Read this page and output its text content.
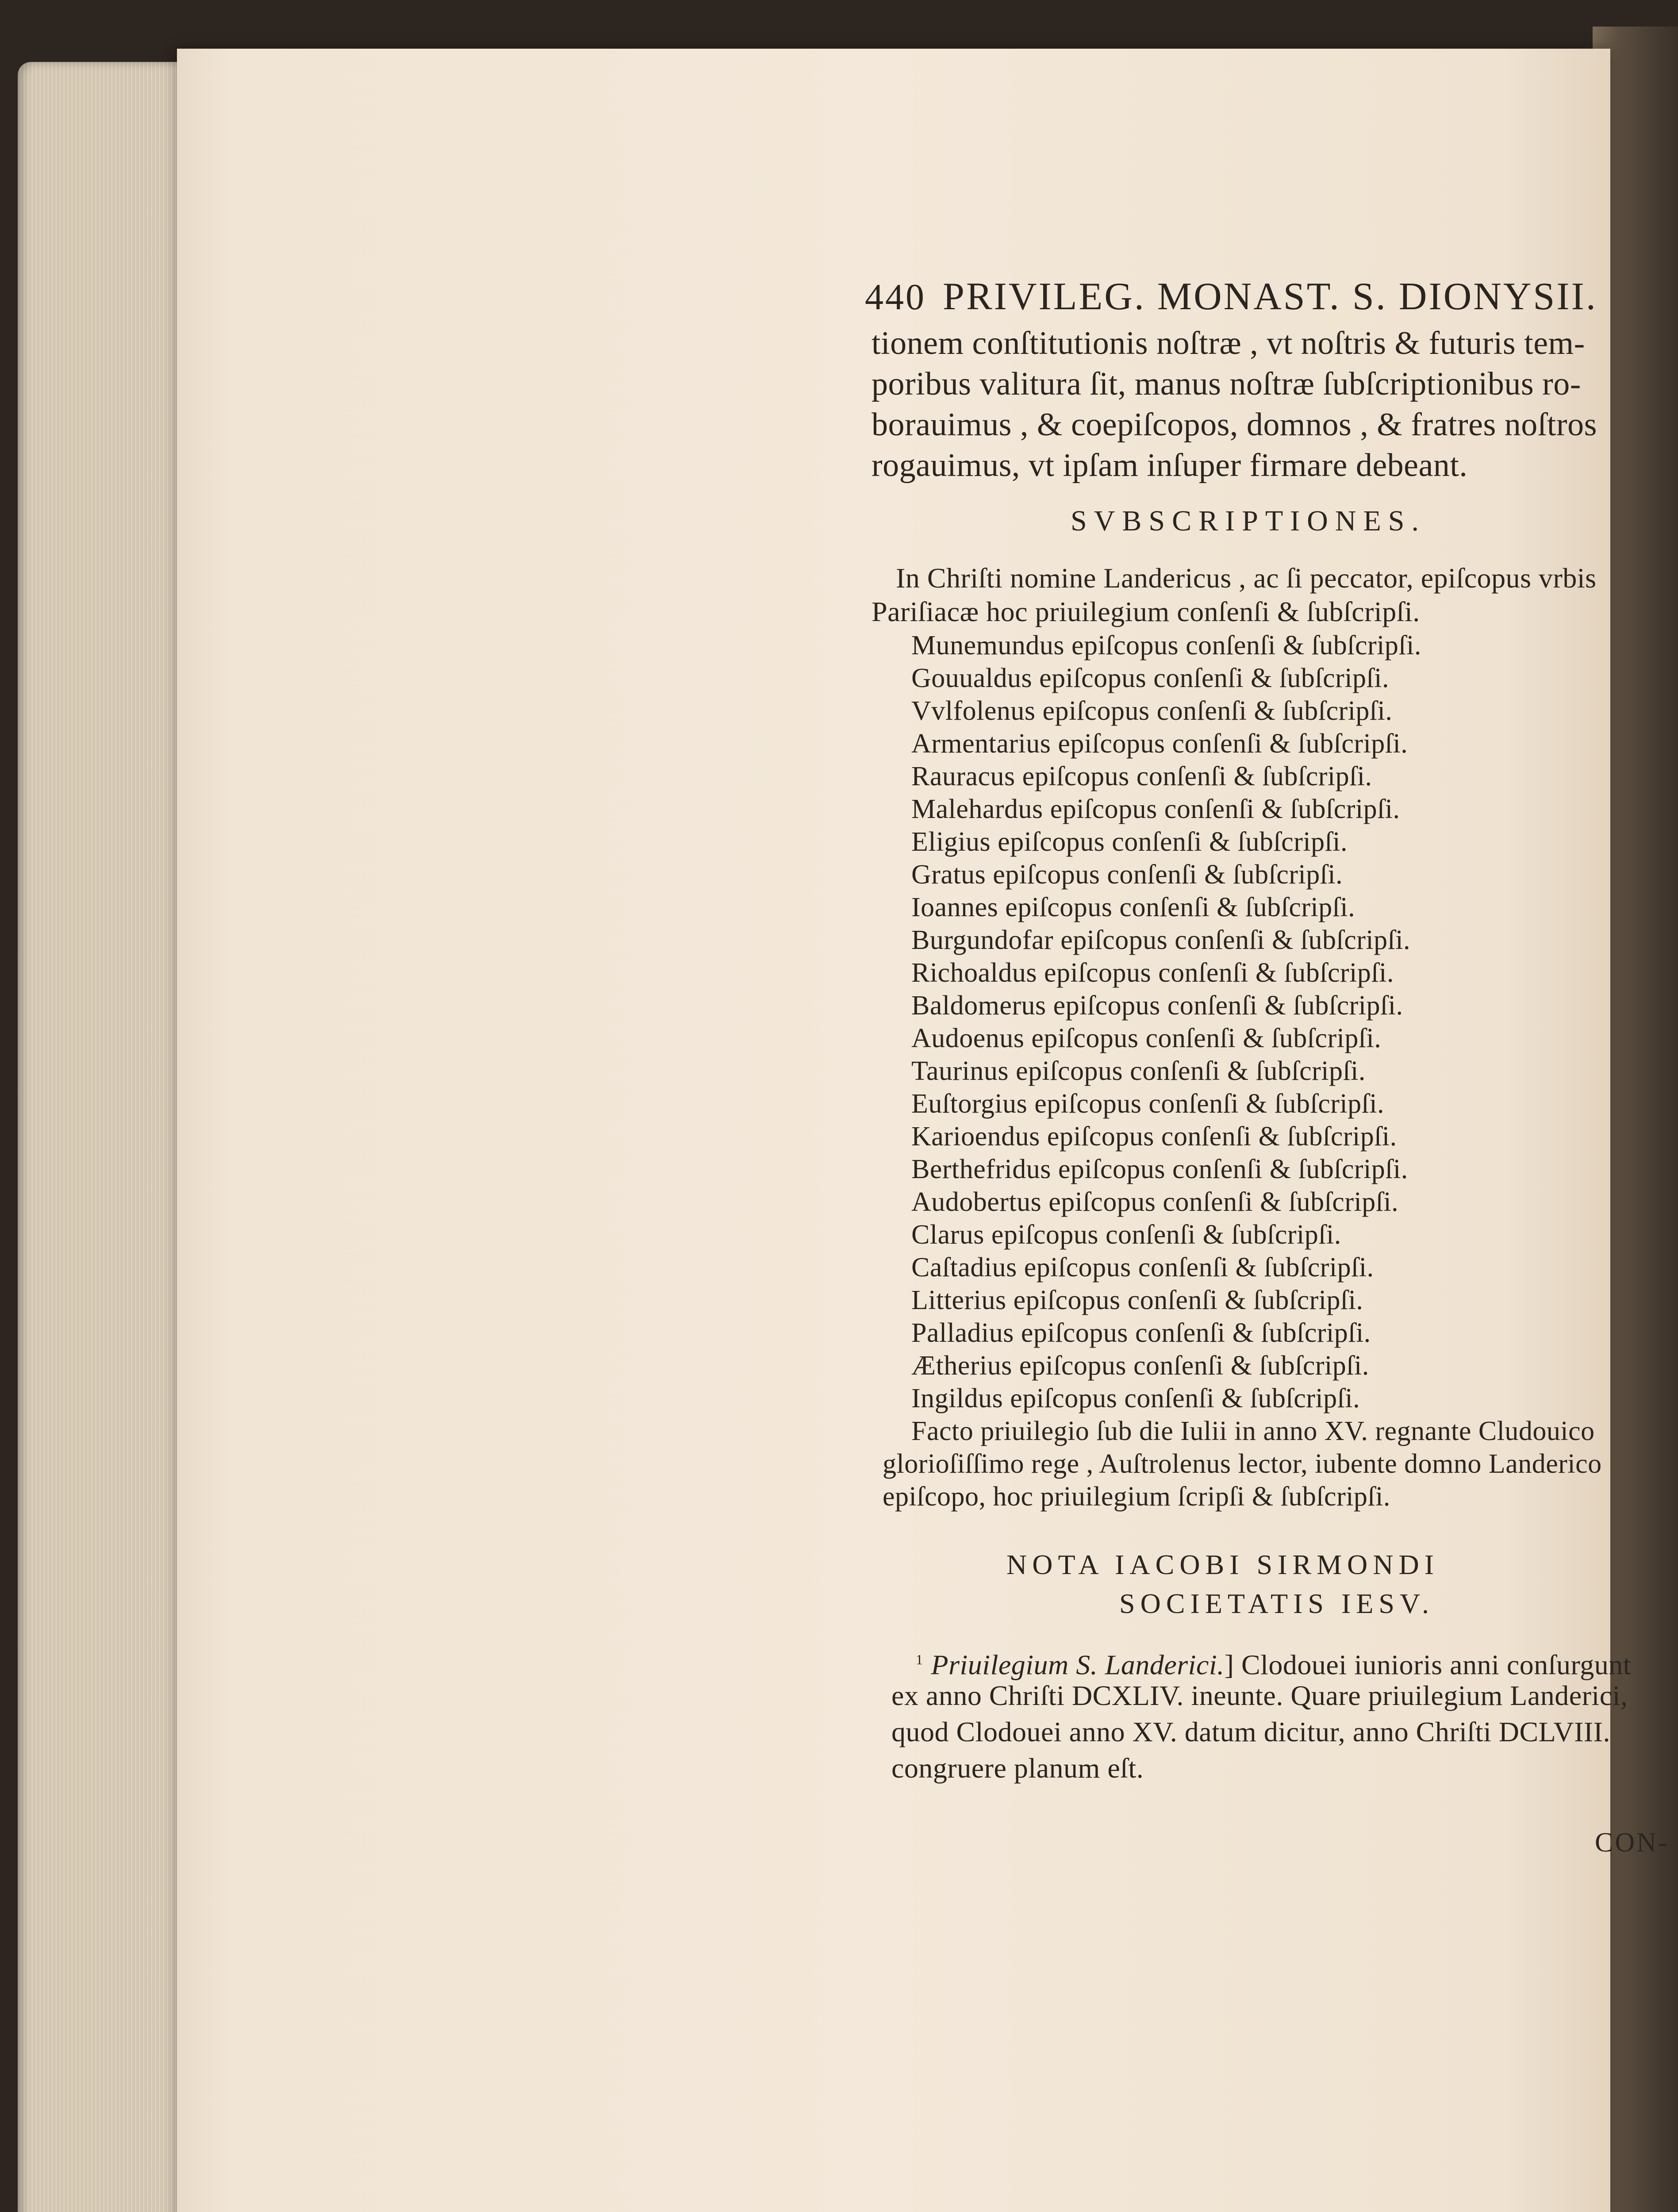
440 PRIVILEG. MONAST. S. DIONYSII.
tionem conſtitutionis noſtræ , vt noſtris & futuris tem-
poribus valitura ſit, manus noſtræ ſubſcriptionibus ro-
borauimus , & coepiſcopos, domnos , & fratres noſtros
rogauimus, vt ipſam inſuper firmare debeant.
SVBSCRIPTIONES.
In Chriſti nomine Landericus , ac ſi peccator, epiſcopus vrbis
Pariſiacæ hoc priuilegium conſenſi & ſubſcripſi.
Munemundus epiſcopus conſenſi & ſubſcripſi.
Gouualdus epiſcopus conſenſi & ſubſcripſi.
Vvlfolenus epiſcopus conſenſi & ſubſcripſi.
Armentarius epiſcopus conſenſi & ſubſcripſi.
Rauracus epiſcopus conſenſi & ſubſcripſi.
Malehardus epiſcopus conſenſi & ſubſcripſi.
Eligius epiſcopus conſenſi & ſubſcripſi.
Gratus epiſcopus conſenſi & ſubſcripſi.
Ioannes epiſcopus conſenſi & ſubſcripſi.
Burgundofar epiſcopus conſenſi & ſubſcripſi.
Richoaldus epiſcopus conſenſi & ſubſcripſi.
Baldomerus epiſcopus conſenſi & ſubſcripſi.
Audoenus epiſcopus conſenſi & ſubſcripſi.
Taurinus epiſcopus conſenſi & ſubſcripſi.
Euſtorgius epiſcopus conſenſi & ſubſcripſi.
Karioendus epiſcopus conſenſi & ſubſcripſi.
Berthefridus epiſcopus conſenſi & ſubſcripſi.
Audobertus epiſcopus conſenſi & ſubſcripſi.
Clarus epiſcopus conſenſi & ſubſcripſi.
Caſtadius epiſcopus conſenſi & ſubſcripſi.
Litterius epiſcopus conſenſi & ſubſcripſi.
Palladius epiſcopus conſenſi & ſubſcripſi.
Ætherius epiſcopus conſenſi & ſubſcripſi.
Ingildus epiſcopus conſenſi & ſubſcripſi.
Facto priuilegio ſub die Iulii in anno XV. regnante Cludouico
glorioſiſſimo rege , Auſtrolenus lector, iubente domno Landerico
epiſcopo, hoc priuilegium ſcripſi & ſubſcripſi.
NOTA IACOBI SIRMONDI
SOCIETATIS IESV.
$^1$ Priuilegium S. Landerici.] Clodouei iunioris anni conſurgunt
ex anno Chriſti DCXLIV. ineunte. Quare priuilegium Landerici,
quod Clodouei anno XV. datum dicitur, anno Chriſti DCLVIII.
congruere planum eſt.
CON-
